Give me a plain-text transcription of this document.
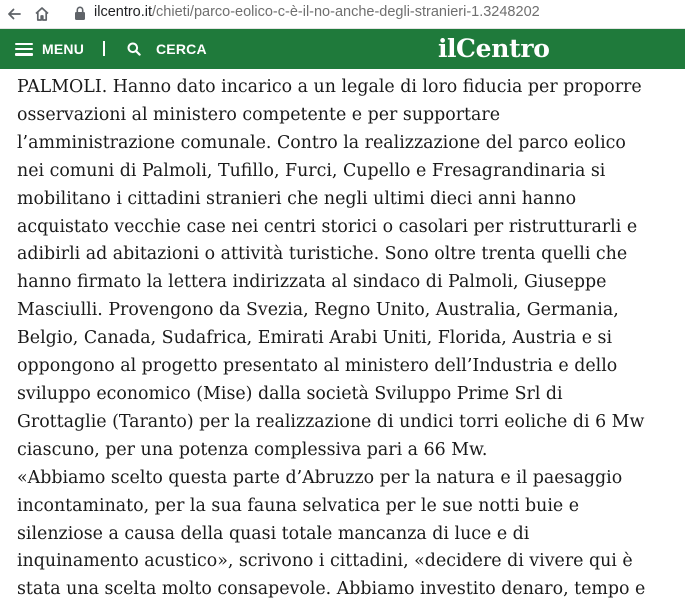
ilcentro.it/chieti/parco-eolico-c-è-il-no-anche-degli-stranieri-1.3248202
MENU	CERCA	il Centro

PALMOLI. Hanno dato incarico a un legale di loro fiducia per proporre
osservazioni al ministero competente e per supportare
l’amministrazione comunale. Contro la realizzazione del parco eolico
nei comuni di Palmoli, Tufillo, Furci, Cupello e Fresagrandinaria si
mobilitano i cittadini stranieri che negli ultimi dieci anni hanno
acquistato vecchie case nei centri storici o casolari per ristrutturarli e
adibirli ad abitazioni o attività turistiche. Sono oltre trenta quelli che
hanno firmato la lettera indirizzata al sindaco di Palmoli, Giuseppe
Masciulli. Provengono da Svezia, Regno Unito, Australia, Germania,
Belgio, Canada, Sudafrica, Emirati Arabi Uniti, Florida, Austria e si
oppongono al progetto presentato al ministero dell’Industria e dello
sviluppo economico (Mise) dalla società Sviluppo Prime Srl di
Grottaglie (Taranto) per la realizzazione di undici torri eoliche di 6 Mw
ciascuno, per una potenza complessiva pari a 66 Mw.

«Abbiamo scelto questa parte d’Abruzzo per la natura e il paesaggio
incontaminato, per la sua fauna selvatica per le sue notti buie e
silenziose a causa della quasi totale mancanza di luce e di
inquinamento acustico», scrivono i cittadini, «decidere di vivere qui è
stata una scelta molto consapevole. Abbiamo investito denaro, tempo e
